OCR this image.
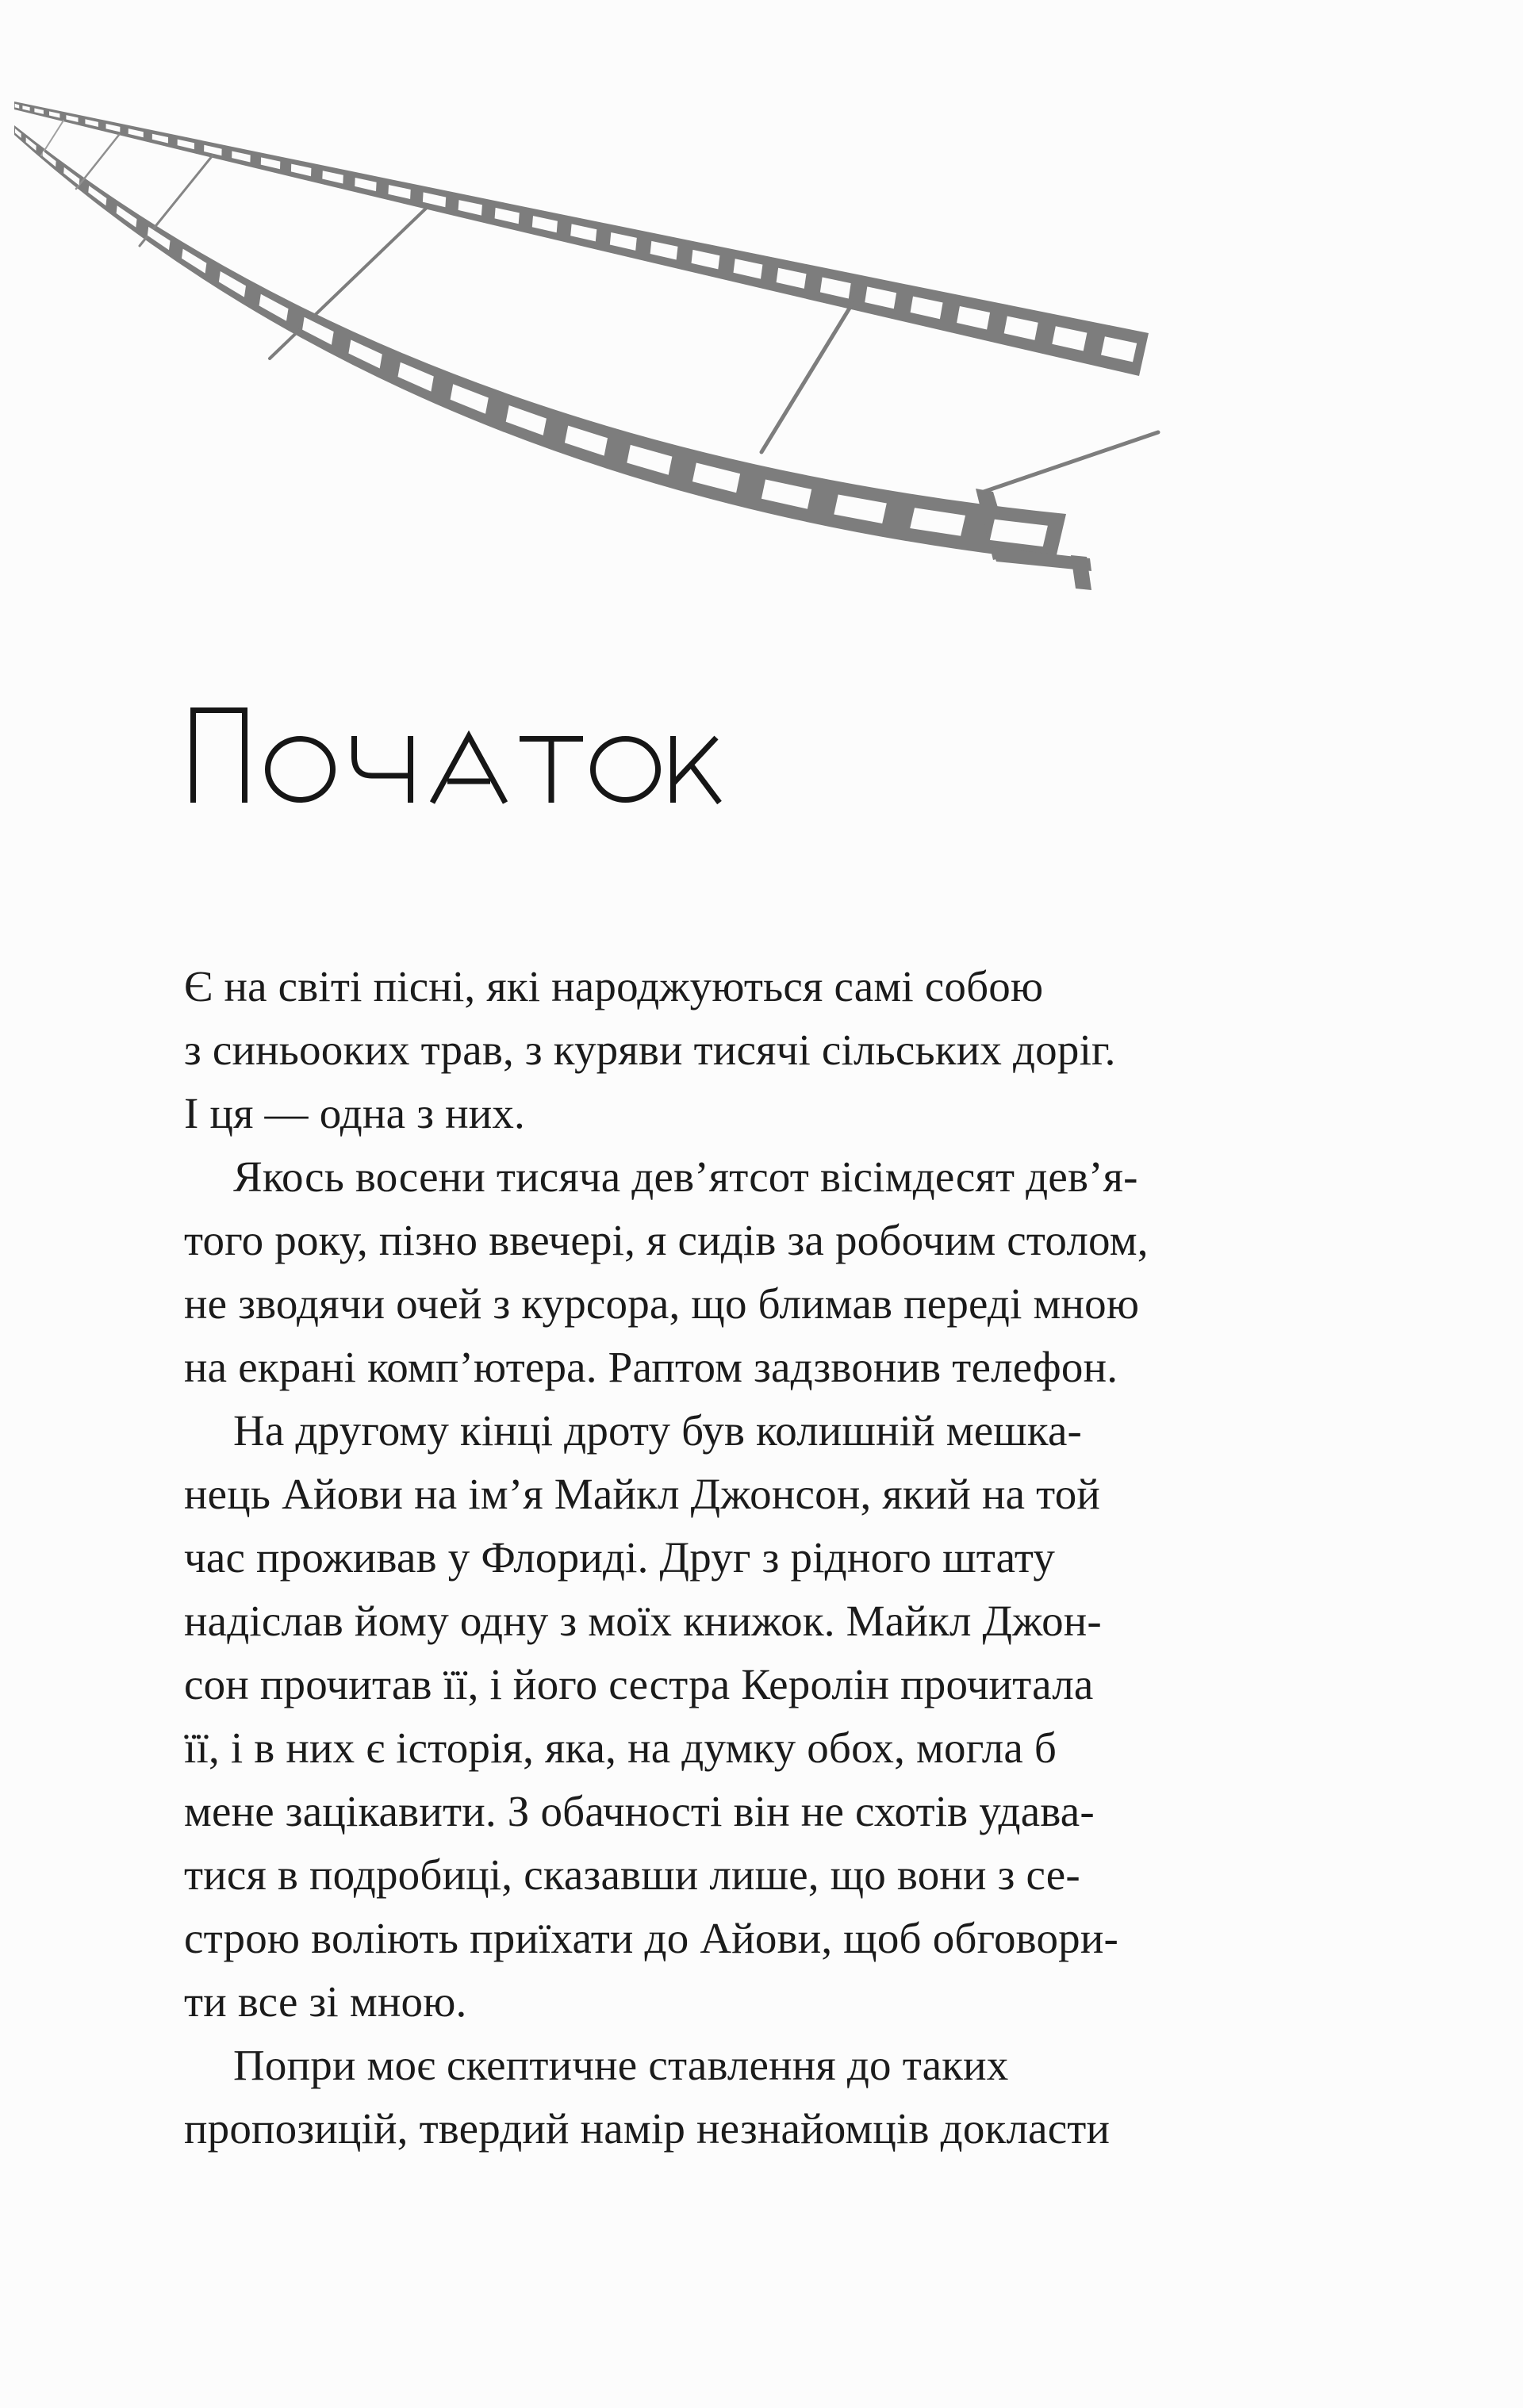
Є на світі пісні, які народжуються самі собою
з синьооких трав, з куряви тисячі сільських доріг.
І ця — одна з них.

Якось восени тисяча дев’ятсот вісімдесят дев’я-
того року, пізно ввечері, я сидів за робочим столом,
не зводячи очей з курсора, що блимав переді мною
на екрані комп’ютера. Раптом задзвонив телефон.

На другому кінці дроту був колишній мешка-
нець Айови на ім’я Майкл Джонсон, який на той
час проживав у Флориді. Друг з рідного штату
надіслав йому одну з моїх книжок. Майкл Джон-
сон прочитав її, і його сестра Керолін прочитала
її, і в них є історія, яка, на думку обох, могла б
мене зацікавити. З обачності він не схотів удава-
тися в подробиці, сказавши лише, що вони з се-
строю воліють приїхати до Айови, щоб обговори-
ти все зі мною.

Попри моє скептичне ставлення до таких
пропозицій, твердий намір незнайомців докласти
